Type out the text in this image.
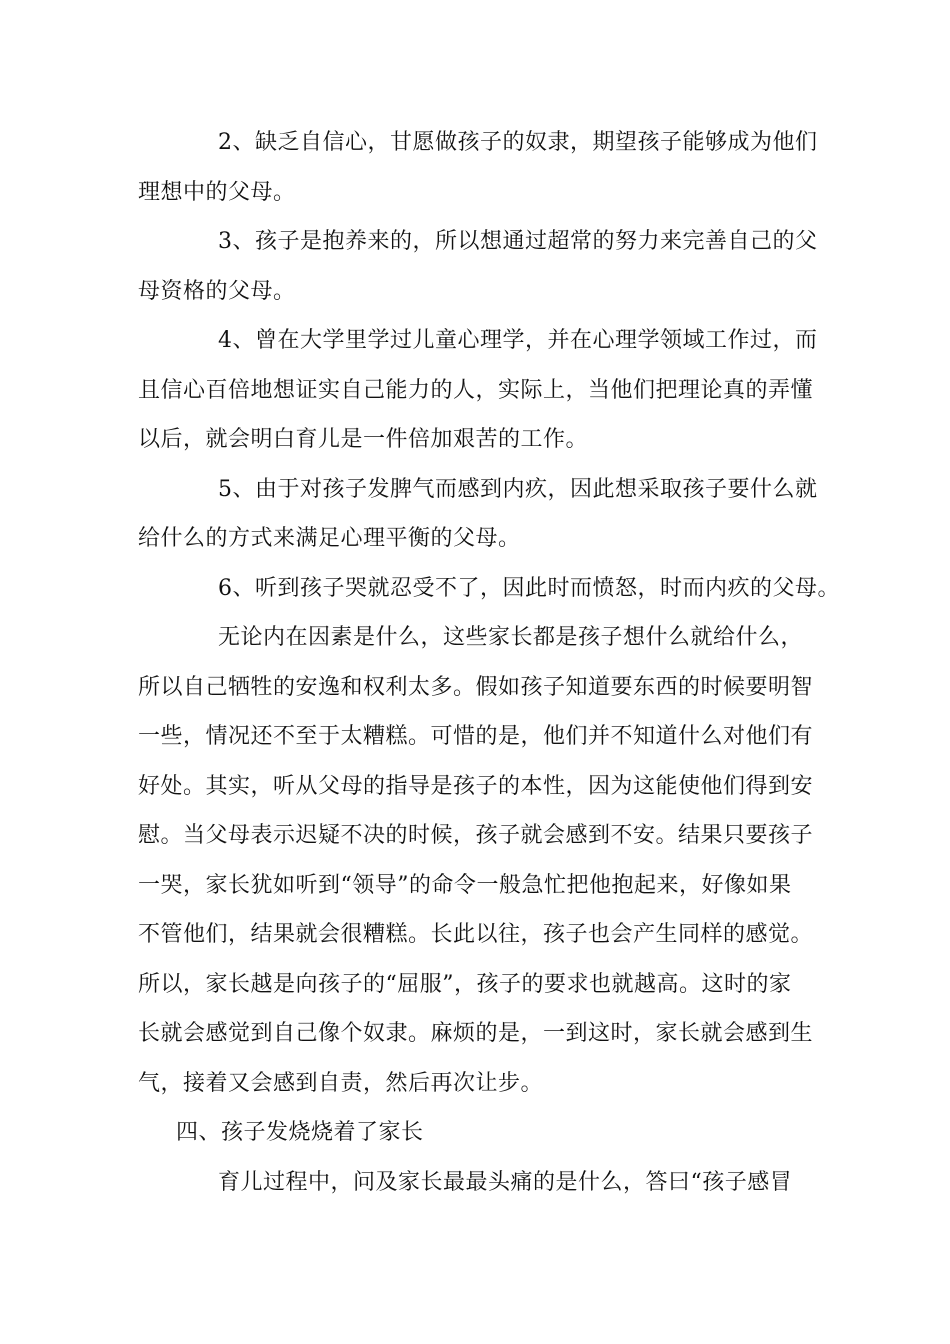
2、缺乏自信心，甘愿做孩子的奴隶，期望孩子能够成为他们
理想中的父母。

3、孩子是抱养来的，所以想通过超常的努力来完善自己的父
母资格的父母。

4、曾在大学里学过儿童心理学，并在心理学领域工作过，而
且信心百倍地想证实自己能力的人，实际上，当他们把理论真的弄懂
以后，就会明白育儿是一件倍加艰苦的工作。

5、由于对孩子发脾气而感到内疚，因此想采取孩子要什么就
给什么的方式来满足心理平衡的父母。

6、听到孩子哭就忍受不了，因此时而愤怒，时而内疚的父母。

无论内在因素是什么，这些家长都是孩子想什么就给什么，
所以自己牺牲的安逸和权利太多。假如孩子知道要东西的时候要明智
一些，情况还不至于太糟糕。可惜的是，他们并不知道什么对他们有
好处。其实，听从父母的指导是孩子的本性，因为这能使他们得到安
慰。当父母表示迟疑不决的时候，孩子就会感到不安。结果只要孩子
一哭，家长犹如听到“领导”的命令一般急忙把他抱起来，好像如果
不管他们，结果就会很糟糕。长此以往，孩子也会产生同样的感觉。
所以，家长越是向孩子的“屈服”，孩子的要求也就越高。这时的家
长就会感觉到自己像个奴隶。麻烦的是，一到这时，家长就会感到生
气，接着又会感到自责，然后再次让步。

四、孩子发烧烧着了家长

育儿过程中，问及家长最最头痛的是什么，答曰“孩子感冒
